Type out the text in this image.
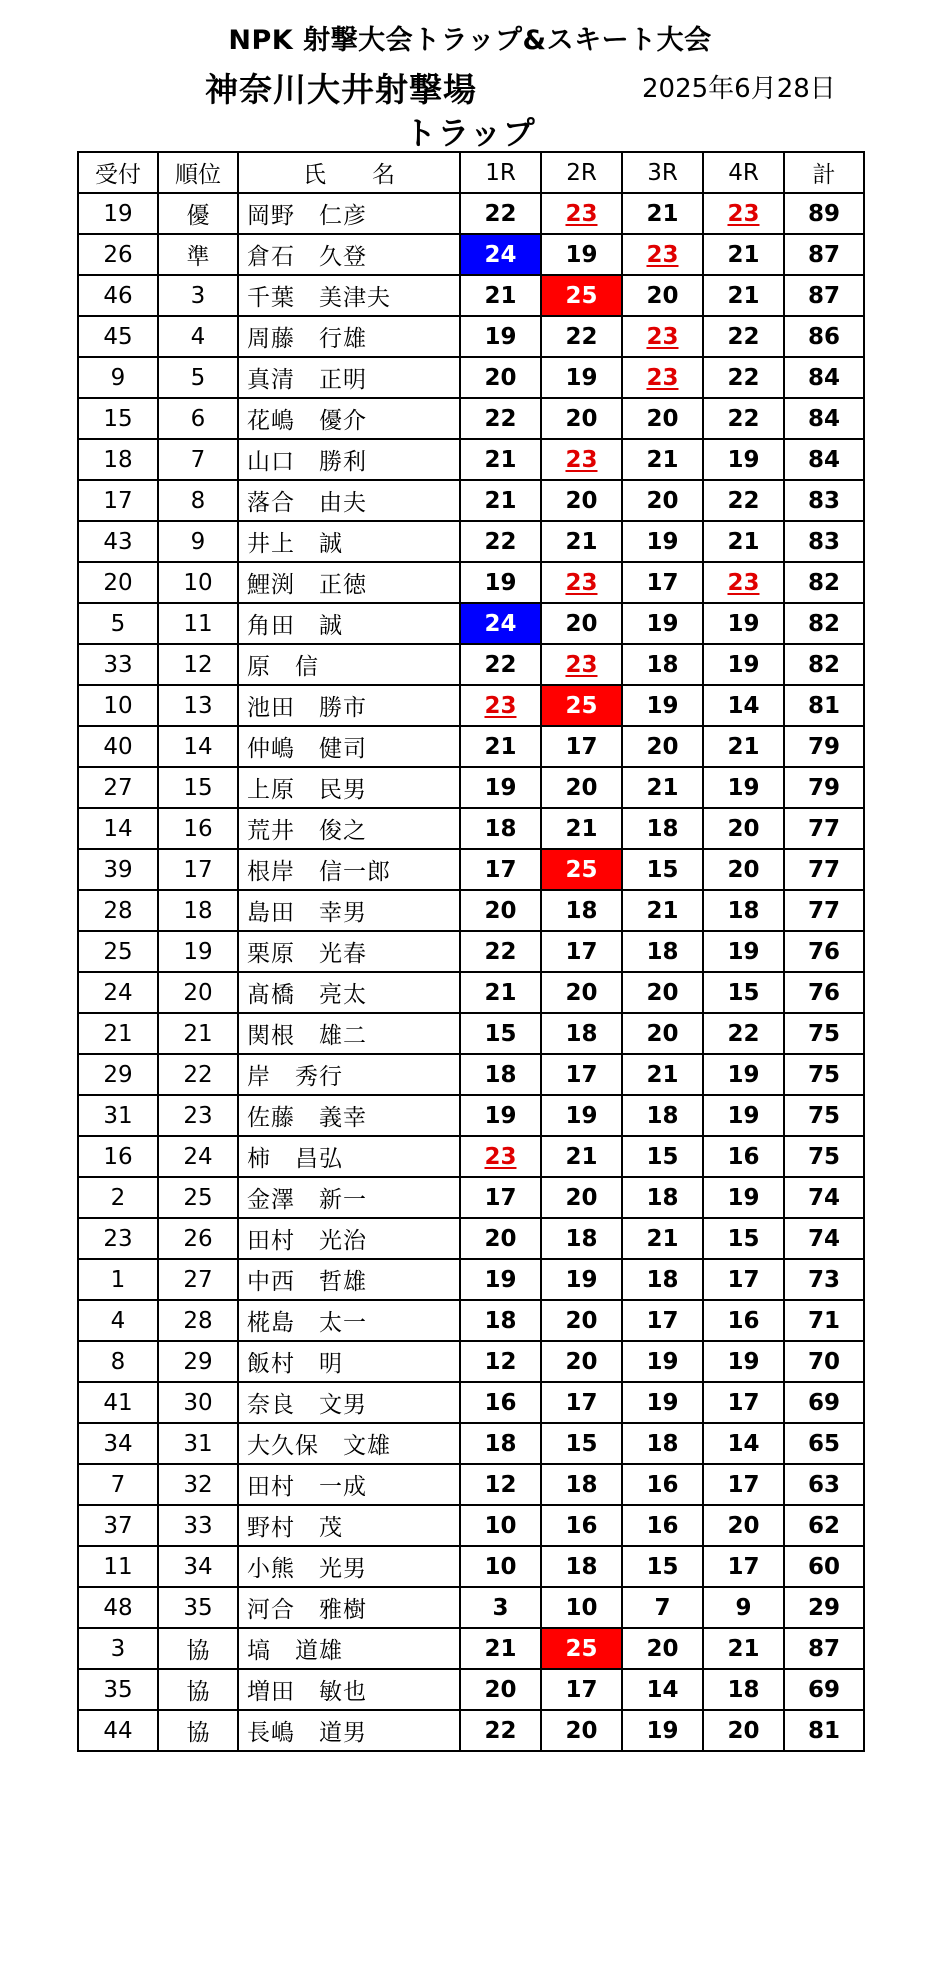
NPK 射撃大会トラップ&スキート大会
神奈川大井射撃場	2025年6月28日
トラップ
受付	順位	氏　　名	1R	2R	3R	4R	計
19	優	岡野　仁彦	22	23	21	23	89
26	準	倉石　久登	24	19	23	21	87
46	3	千葉　美津夫	21	25	20	21	87
45	4	周藤　行雄	19	22	23	22	86
9	5	真清　正明	20	19	23	22	84
15	6	花嶋　優介	22	20	20	22	84
18	7	山口　勝利	21	23	21	19	84
17	8	落合　由夫	21	20	20	22	83
43	9	井上　誠	22	21	19	21	83
20	10	鯉渕　正徳	19	23	17	23	82
5	11	角田　誠	24	20	19	19	82
33	12	原　信	22	23	18	19	82
10	13	池田　勝市	23	25	19	14	81
40	14	仲嶋　健司	21	17	20	21	79
27	15	上原　民男	19	20	21	19	79
14	16	荒井　俊之	18	21	18	20	77
39	17	根岸　信一郎	17	25	15	20	77
28	18	島田　幸男	20	18	21	18	77
25	19	栗原　光春	22	17	18	19	76
24	20	髙橋　亮太	21	20	20	15	76
21	21	関根　雄二	15	18	20	22	75
29	22	岸　秀行	18	17	21	19	75
31	23	佐藤　義幸	19	19	18	19	75
16	24	柿　昌弘	23	21	15	16	75
2	25	金澤　新一	17	20	18	19	74
23	26	田村　光治	20	18	21	15	74
1	27	中西　哲雄	19	19	18	17	73
4	28	椛島　太一	18	20	17	16	71
8	29	飯村　明	12	20	19	19	70
41	30	奈良　文男	16	17	19	17	69
34	31	大久保　文雄	18	15	18	14	65
7	32	田村　一成	12	18	16	17	63
37	33	野村　茂	10	16	16	20	62
11	34	小熊　光男	10	18	15	17	60
48	35	河合　雅樹	3	10	7	9	29
3	協	塙　道雄	21	25	20	21	87
35	協	増田　敏也	20	17	14	18	69
44	協	長嶋　道男	22	20	19	20	81
